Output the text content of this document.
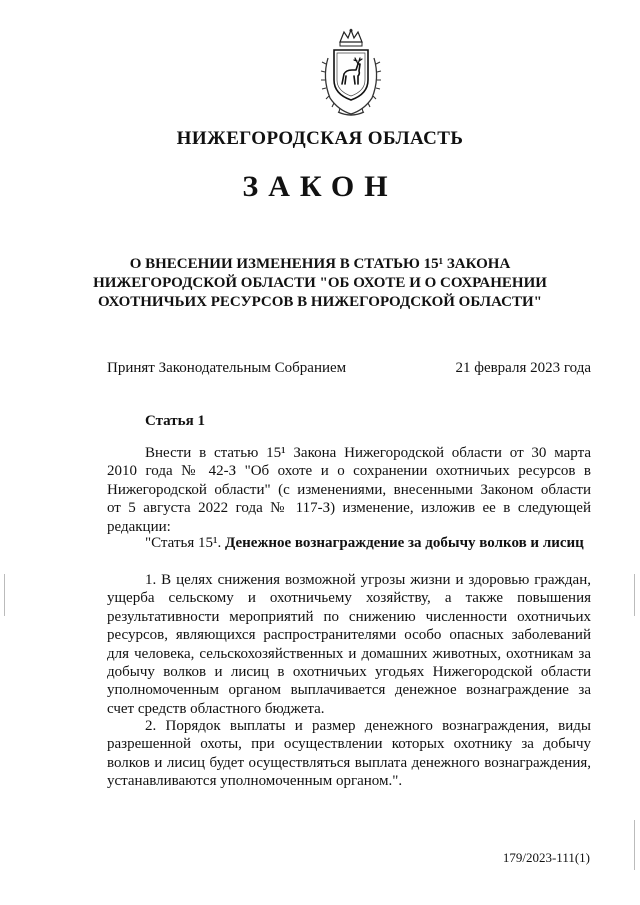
НИЖЕГОРОДСКАЯ ОБЛАСТЬ
ЗАКОН
О ВНЕСЕНИИ ИЗМЕНЕНИЯ В СТАТЬЮ 15¹ ЗАКОНА
НИЖЕГОРОДСКОЙ ОБЛАСТИ "ОБ ОХОТЕ И О СОХРАНЕНИИ
ОХОТНИЧЬИХ РЕСУРСОВ В НИЖЕГОРОДСКОЙ ОБЛАСТИ"
Принят Законодательным Собранием	21 февраля 2023 года
Статья 1
Внести в статью 15¹ Закона Нижегородской области от 30 марта
2010 года № 42-З "Об охоте и о сохранении охотничьих ресурсов в
Нижегородской области" (с изменениями, внесенными Законом области
от 5 августа 2022 года № 117-З) изменение, изложив ее в следующей
редакции:
"Статья 15¹. Денежное вознаграждение за добычу волков и лисиц
1. В целях снижения возможной угрозы жизни и здоровью граждан,
ущерба сельскому и охотничьему хозяйству, а также повышения
результативности мероприятий по снижению численности охотничьих
ресурсов, являющихся распространителями особо опасных заболеваний
для человека, сельскохозяйственных и домашних животных, охотникам за
добычу волков и лисиц в охотничьих угодьях Нижегородской области
уполномоченным органом выплачивается денежное вознаграждение за
счет средств областного бюджета.
2. Порядок выплаты и размер денежного вознаграждения, виды
разрешенной охоты, при осуществлении которых охотнику за добычу
волков и лисиц будет осуществляться выплата денежного вознаграждения,
устанавливаются уполномоченным органом.".
179/2023-111(1)
